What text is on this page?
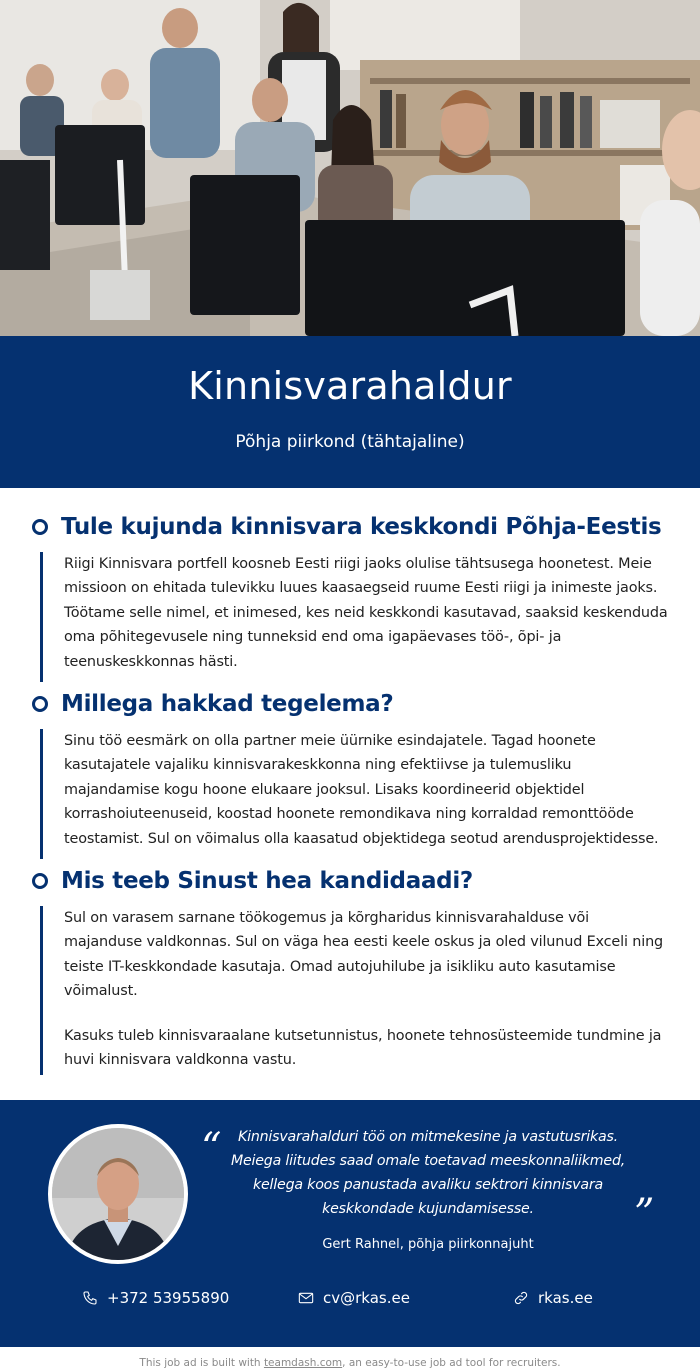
Kinnisvarahaldur
Põhja piirkond (tähtajaline)
Tule kujunda kinnisvara keskkondi Põhja-Eestis

Riigi Kinnisvara portfell koosneb Eesti riigi jaoks olulise tähtsusega hoonetest. Meie missioon on ehitada tulevikku luues kaasaegseid ruume Eesti riigi ja inimeste jaoks. Töötame selle nimel, et inimesed, kes neid keskkondi kasutavad, saaksid keskenduda oma põhitegevusele ning tunneksid end oma igapäevases töö-, õpi- ja teenuskeskkonnas hästi.

Millega hakkad tegelema?

Sinu töö eesmärk on olla partner meie üürnike esindajatele. Tagad hoonete kasutajatele vajaliku kinnisvarakeskkonna ning efektiivse ja tulemusliku majandamise kogu hoone elukaare jooksul. Lisaks koordineerid objektidel korrashoiuteenuseid, koostad hoonete remondikava ning korraldad remonttööde teostamist. Sul on võimalus olla kaasatud objektidega seotud arendusprojektidesse.

Mis teeb Sinust hea kandidaadi?

Sul on varasem sarnane töökogemus ja kõrgharidus kinnisvarahalduse või majanduse valdkonnas. Sul on väga hea eesti keele oskus ja oled vilunud Exceli ning teiste IT-keskkondade kasutaja. Omad autojuhilube ja isikliku auto kasutamise võimalust.

Kasuks tuleb kinnisvaraalane kutsetunnistus, hoonete tehnosüsteemide tundmine ja huvi kinnisvara valdkonna vastu.

“	Kinnisvarahalduri töö on mitmekesine ja vastutusrikas. Meiega liitudes saad omale toetavad meeskonnaliikmed, kellega koos panustada avaliku sektrori kinnisvara keskkondade kujundamisesse.	”

Gert Rahnel, põhja piirkonnajuht

+372 53955890	cv@rkas.ee	rkas.ee
This job ad is built with teamdash.com, an easy-to-use job ad tool for recruiters.
